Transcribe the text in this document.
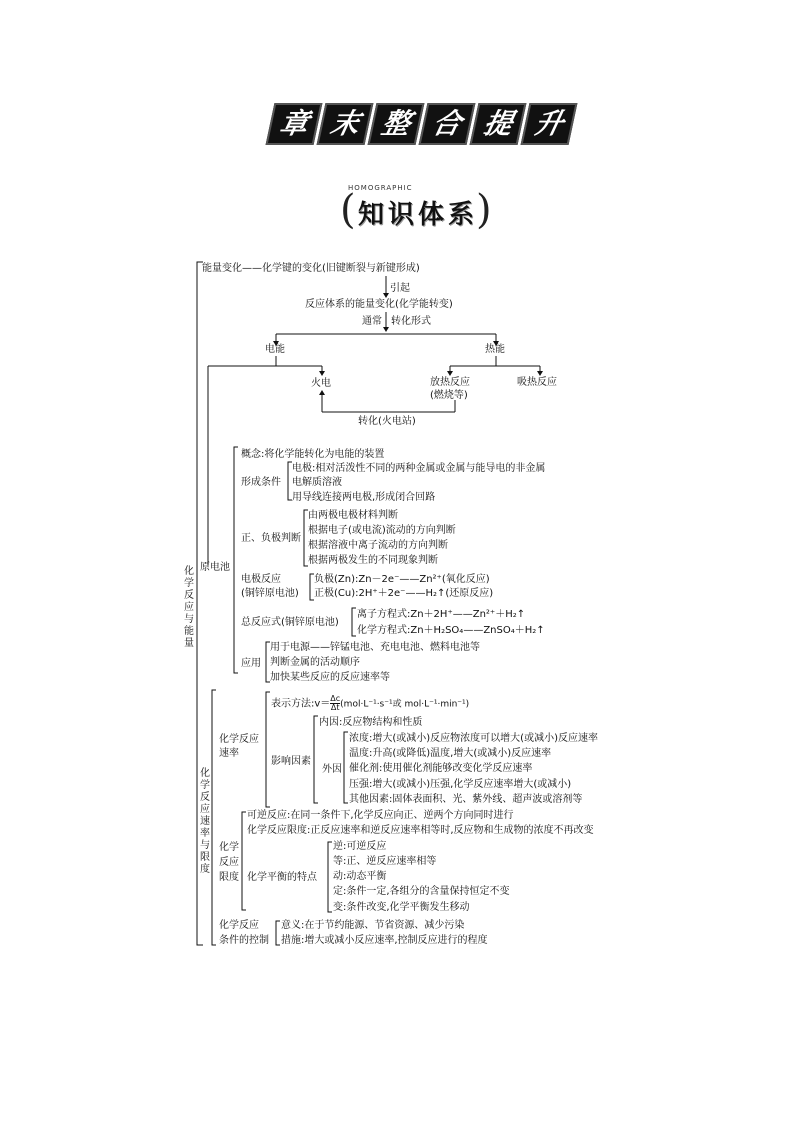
章 末 整 合 提 升
HOMOGRAPHIC
( 知识体系
)
能量变化——化学键的变化(旧键断裂与新键形成)
引起
反应体系的能量变化(化学能转变)
通常 转化形式
电能	热能
火电	放热反应
(燃烧等)
吸热反应
转化(火电站)
化学反应与能量
原电池
概念:将化学能转化为电能的装置
形成条件
电极:相对活泼性不同的两种金属或金属与能导电的非金属
电解质溶液
用导线连接两电极,形成闭合回路
正、负极判断
由两极电极材料判断
根据电子(或电流)流动的方向判断
根据溶液中离子流动的方向判断
根据两极发生的不同现象判断
电极反应
(铜锌原电池)
负极(Zn):Zn－2e⁻——Zn²⁺(氧化反应)
正极(Cu):2H⁺＋2e⁻——H₂↑(还原反应)
总反应式(铜锌原电池)
离子方程式:Zn＋2H⁺——Zn²⁺＋H₂↑
化学方程式:Zn＋H₂SO₄——ZnSO₄＋H₂↑
应用
用于电源——锌锰电池、充电电池、燃料电池等
判断金属的活动顺序
加快某些反应的反应速率等
化学反应速率与限度
化学反应
速率
表示方法:v＝ $\frac{\Delta c}{\Delta t} (mol\cdot L^{-1}\cdot s^{-1}$或 mol·L⁻¹·min⁻¹)
影响因素
内因:反应物结构和性质
外因
浓度:增大(或减小)反应物浓度可以增大(或减小)反应速率
温度:升高(或降低)温度,增大(或减小)反应速率
催化剂:使用催化剂能够改变化学反应速率
压强:增大(或减小)压强,化学反应速率增大(或减小)
其他因素:固体表面积、光、紫外线、超声波或溶剂等
化学
反应
限度
可逆反应:在同一条件下,化学反应向正、逆两个方向同时进行
化学反应限度:正反应速率和逆反应速率相等时,反应物和生成物的浓度不再改变
化学平衡的特点
逆:可逆反应
等:正、逆反应速率相等
动:动态平衡
定:条件一定,各组分的含量保持恒定不变
变:条件改变,化学平衡发生移动
化学反应
条件的控制
意义:在于节约能源、节省资源、减少污染
措施:增大或减小反应速率,控制反应进行的程度
